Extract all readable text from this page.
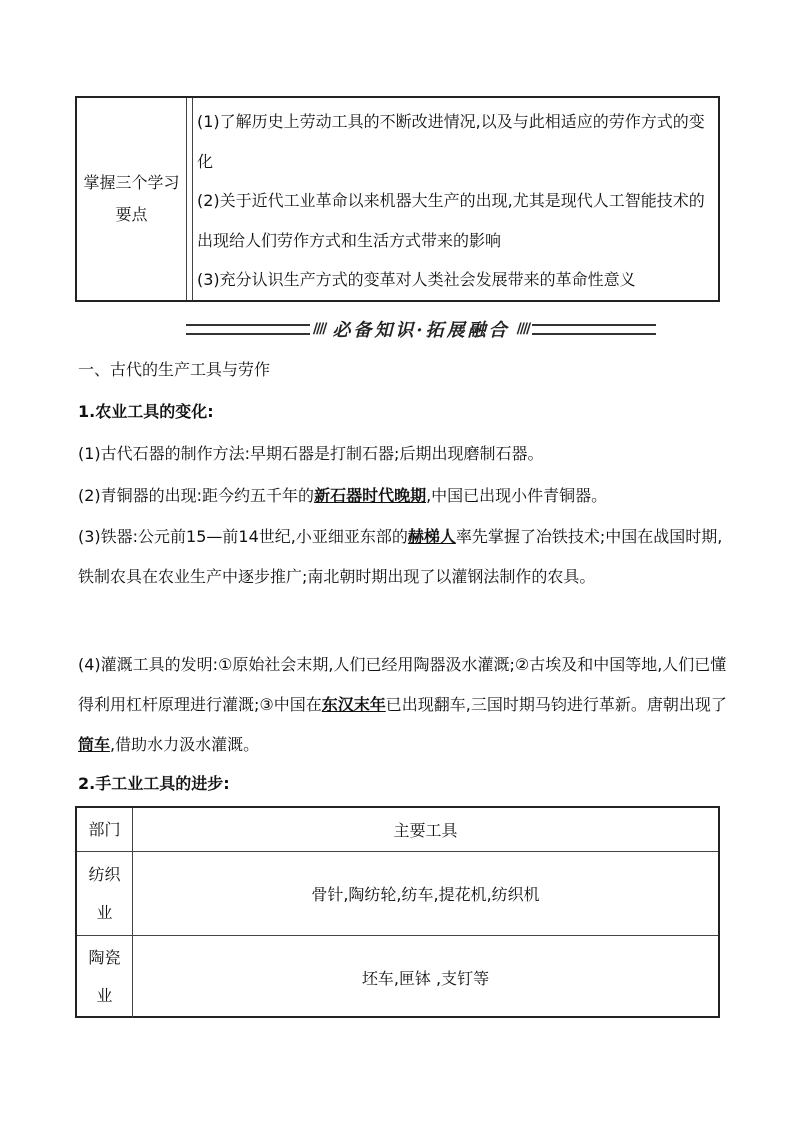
掌握三个学习要点

(1)了解历史上劳动工具的不断改进情况,以及与此相适应的劳作方式的变化

(2)关于近代工业革命以来机器大生产的出现,尤其是现代人工智能技术的出现给人们劳作方式和生活方式带来的影响

(3)充分认识生产方式的变革对人类社会发展带来的革命性意义

//// 必备知识·拓展融合 ////

一、古代的生产工具与劳作

1.农业工具的变化:

(1)古代石器的制作方法:早期石器是打制石器;后期出现磨制石器。

(2)青铜器的出现:距今约五千年的新石器时代晚期,中国已出现小件青铜器。

(3)铁器:公元前15—前14世纪,小亚细亚东部的赫梯人率先掌握了冶铁技术;中国在战国时期,铁制农具在农业生产中逐步推广;南北朝时期出现了以灌钢法制作的农具。

(4)灌溉工具的发明:①原始社会末期,人们已经用陶器汲水灌溉;②古埃及和中国等地,人们已懂得利用杠杆原理进行灌溉;③中国在东汉末年已出现翻车,三国时期马钧进行革新。唐朝出现了筒车,借助水力汲水灌溉。

2.手工业工具的进步:

部门	主要工具
纺织业
骨针,陶纺轮,纺车,提花机,纺织机
陶瓷业
坯车,匣钵 ,支钉等
